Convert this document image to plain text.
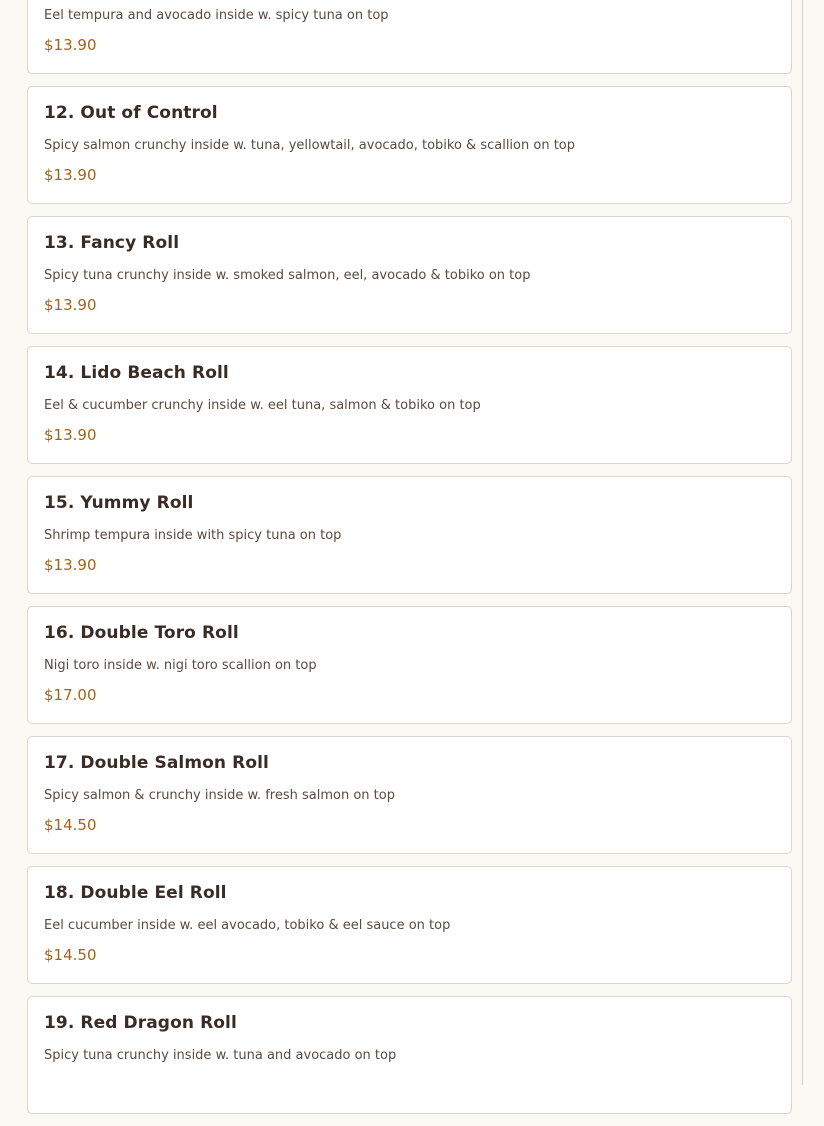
Eel tempura and avocado inside w. spicy tuna on top
$13.90
12. Out of Control
Spicy salmon crunchy inside w. tuna, yellowtail, avocado, tobiko & scallion on top
$13.90
13. Fancy Roll
Spicy tuna crunchy inside w. smoked salmon, eel, avocado & tobiko on top
$13.90
14. Lido Beach Roll
Eel & cucumber crunchy inside w. eel tuna, salmon & tobiko on top
$13.90
15. Yummy Roll
Shrimp tempura inside with spicy tuna on top
$13.90
16. Double Toro Roll
Nigi toro inside w. nigi toro scallion on top
$17.00
17. Double Salmon Roll
Spicy salmon & crunchy inside w. fresh salmon on top
$14.50
18. Double Eel Roll
Eel cucumber inside w. eel avocado, tobiko & eel sauce on top
$14.50
19. Red Dragon Roll
Spicy tuna crunchy inside w. tuna and avocado on top
